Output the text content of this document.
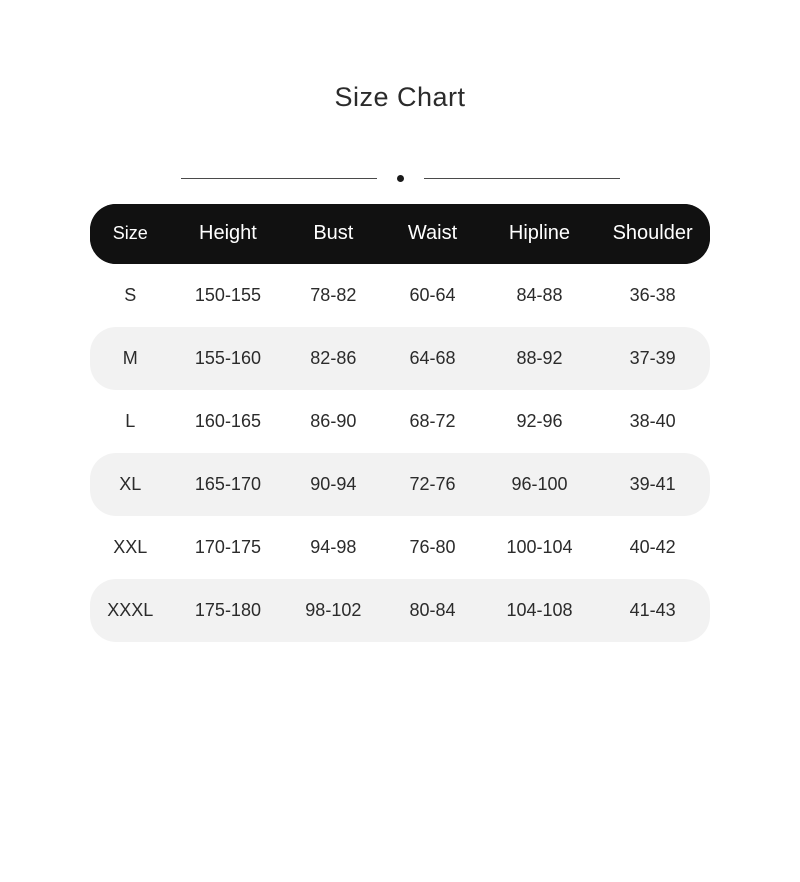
Size Chart
Size	Height	Bust	Waist	Hipline	Shoulder
S	150-155	78-82	60-64	84-88	36-38
M	155-160	82-86	64-68	88-92	37-39
L	160-165	86-90	68-72	92-96	38-40
XL	165-170	90-94	72-76	96-100	39-41
XXL	170-175	94-98	76-80	100-104	40-42
XXXL	175-180	98-102	80-84	104-108	41-43
